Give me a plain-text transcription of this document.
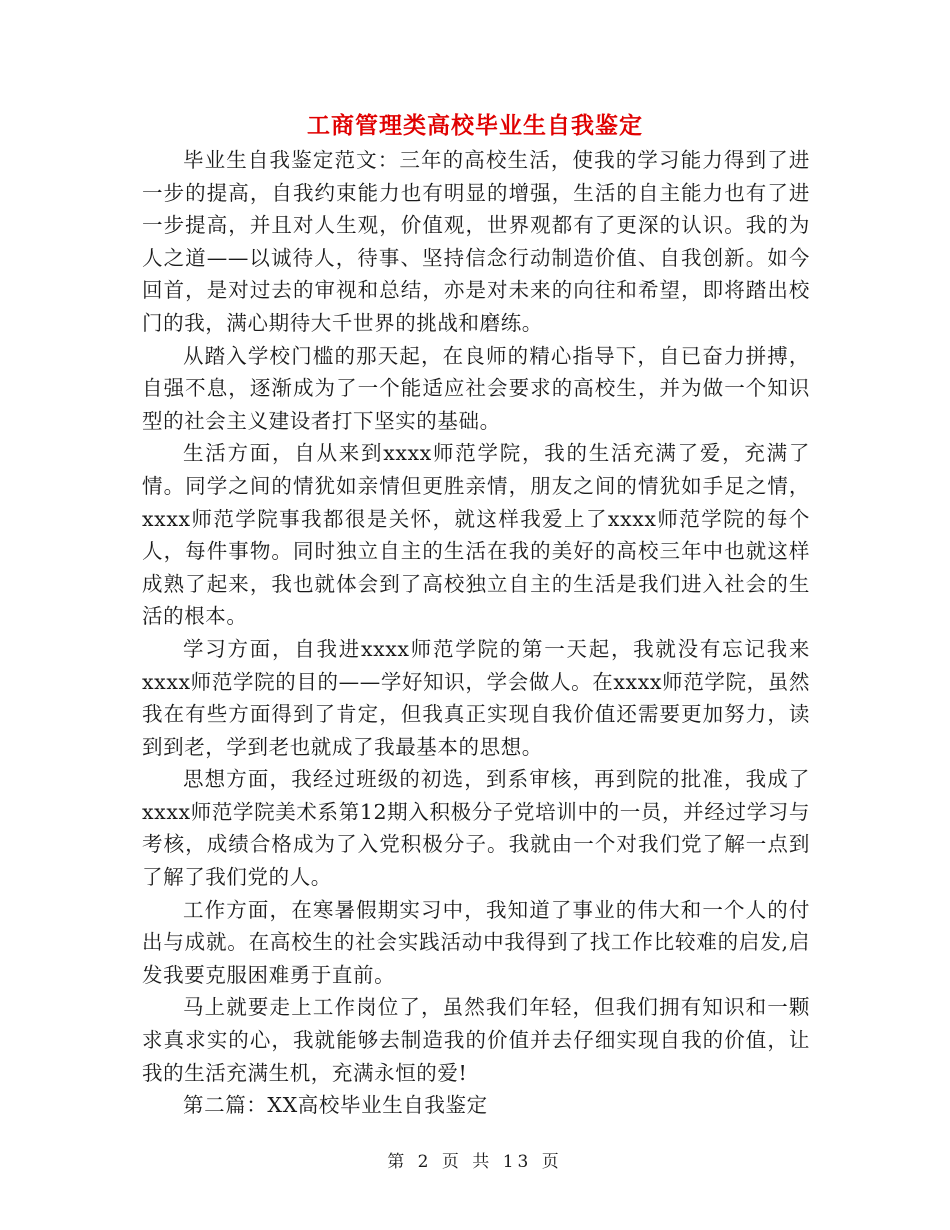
工商管理类高校毕业生自我鉴定

毕业生自我鉴定范文：三年的高校生活，使我的学习能力得到了进一步的提高，自我约束能力也有明显的增强，生活的自主能力也有了进一步提高，并且对人生观，价值观，世界观都有了更深的认识。我的为人之道——以诚待人，待事、坚持信念行动制造价值、自我创新。如今回首，是对过去的审视和总结，亦是对未来的向往和希望，即将踏出校门的我，满心期待大千世界的挑战和磨练。

从踏入学校门槛的那天起，在良师的精心指导下，自已奋力拼搏，自强不息，逐渐成为了一个能适应社会要求的高校生，并为做一个知识型的社会主义建设者打下坚实的基础。

生活方面，自从来到xxxx师范学院，我的生活充满了爱，充满了情。同学之间的情犹如亲情但更胜亲情，朋友之间的情犹如手足之情，xxxx师范学院事我都很是关怀，就这样我爱上了xxxx师范学院的每个人，每件事物。同时独立自主的生活在我的美好的高校三年中也就这样成熟了起来，我也就体会到了高校独立自主的生活是我们进入社会的生活的根本。

学习方面，自我进xxxx师范学院的第一天起，我就没有忘记我来xxxx师范学院的目的——学好知识，学会做人。在xxxx师范学院，虽然我在有些方面得到了肯定，但我真正实现自我价值还需要更加努力，读到到老，学到老也就成了我最基本的思想。

思想方面，我经过班级的初选，到系审核，再到院的批准，我成了xxxx师范学院美术系第12期入积极分子党培训中的一员，并经过学习与考核，成绩合格成为了入党积极分子。我就由一个对我们党了解一点到了解了我们党的人。

工作方面，在寒暑假期实习中，我知道了事业的伟大和一个人的付出与成就。在高校生的社会实践活动中我得到了找工作比较难的启发,启发我要克服困难勇于直前。

马上就要走上工作岗位了，虽然我们年轻，但我们拥有知识和一颗求真求实的心，我就能够去制造我的价值并去仔细实现自我的价值，让我的生活充满生机，充满永恒的爱!

第二篇：XX高校毕业生自我鉴定

第 2 页 共 13 页
